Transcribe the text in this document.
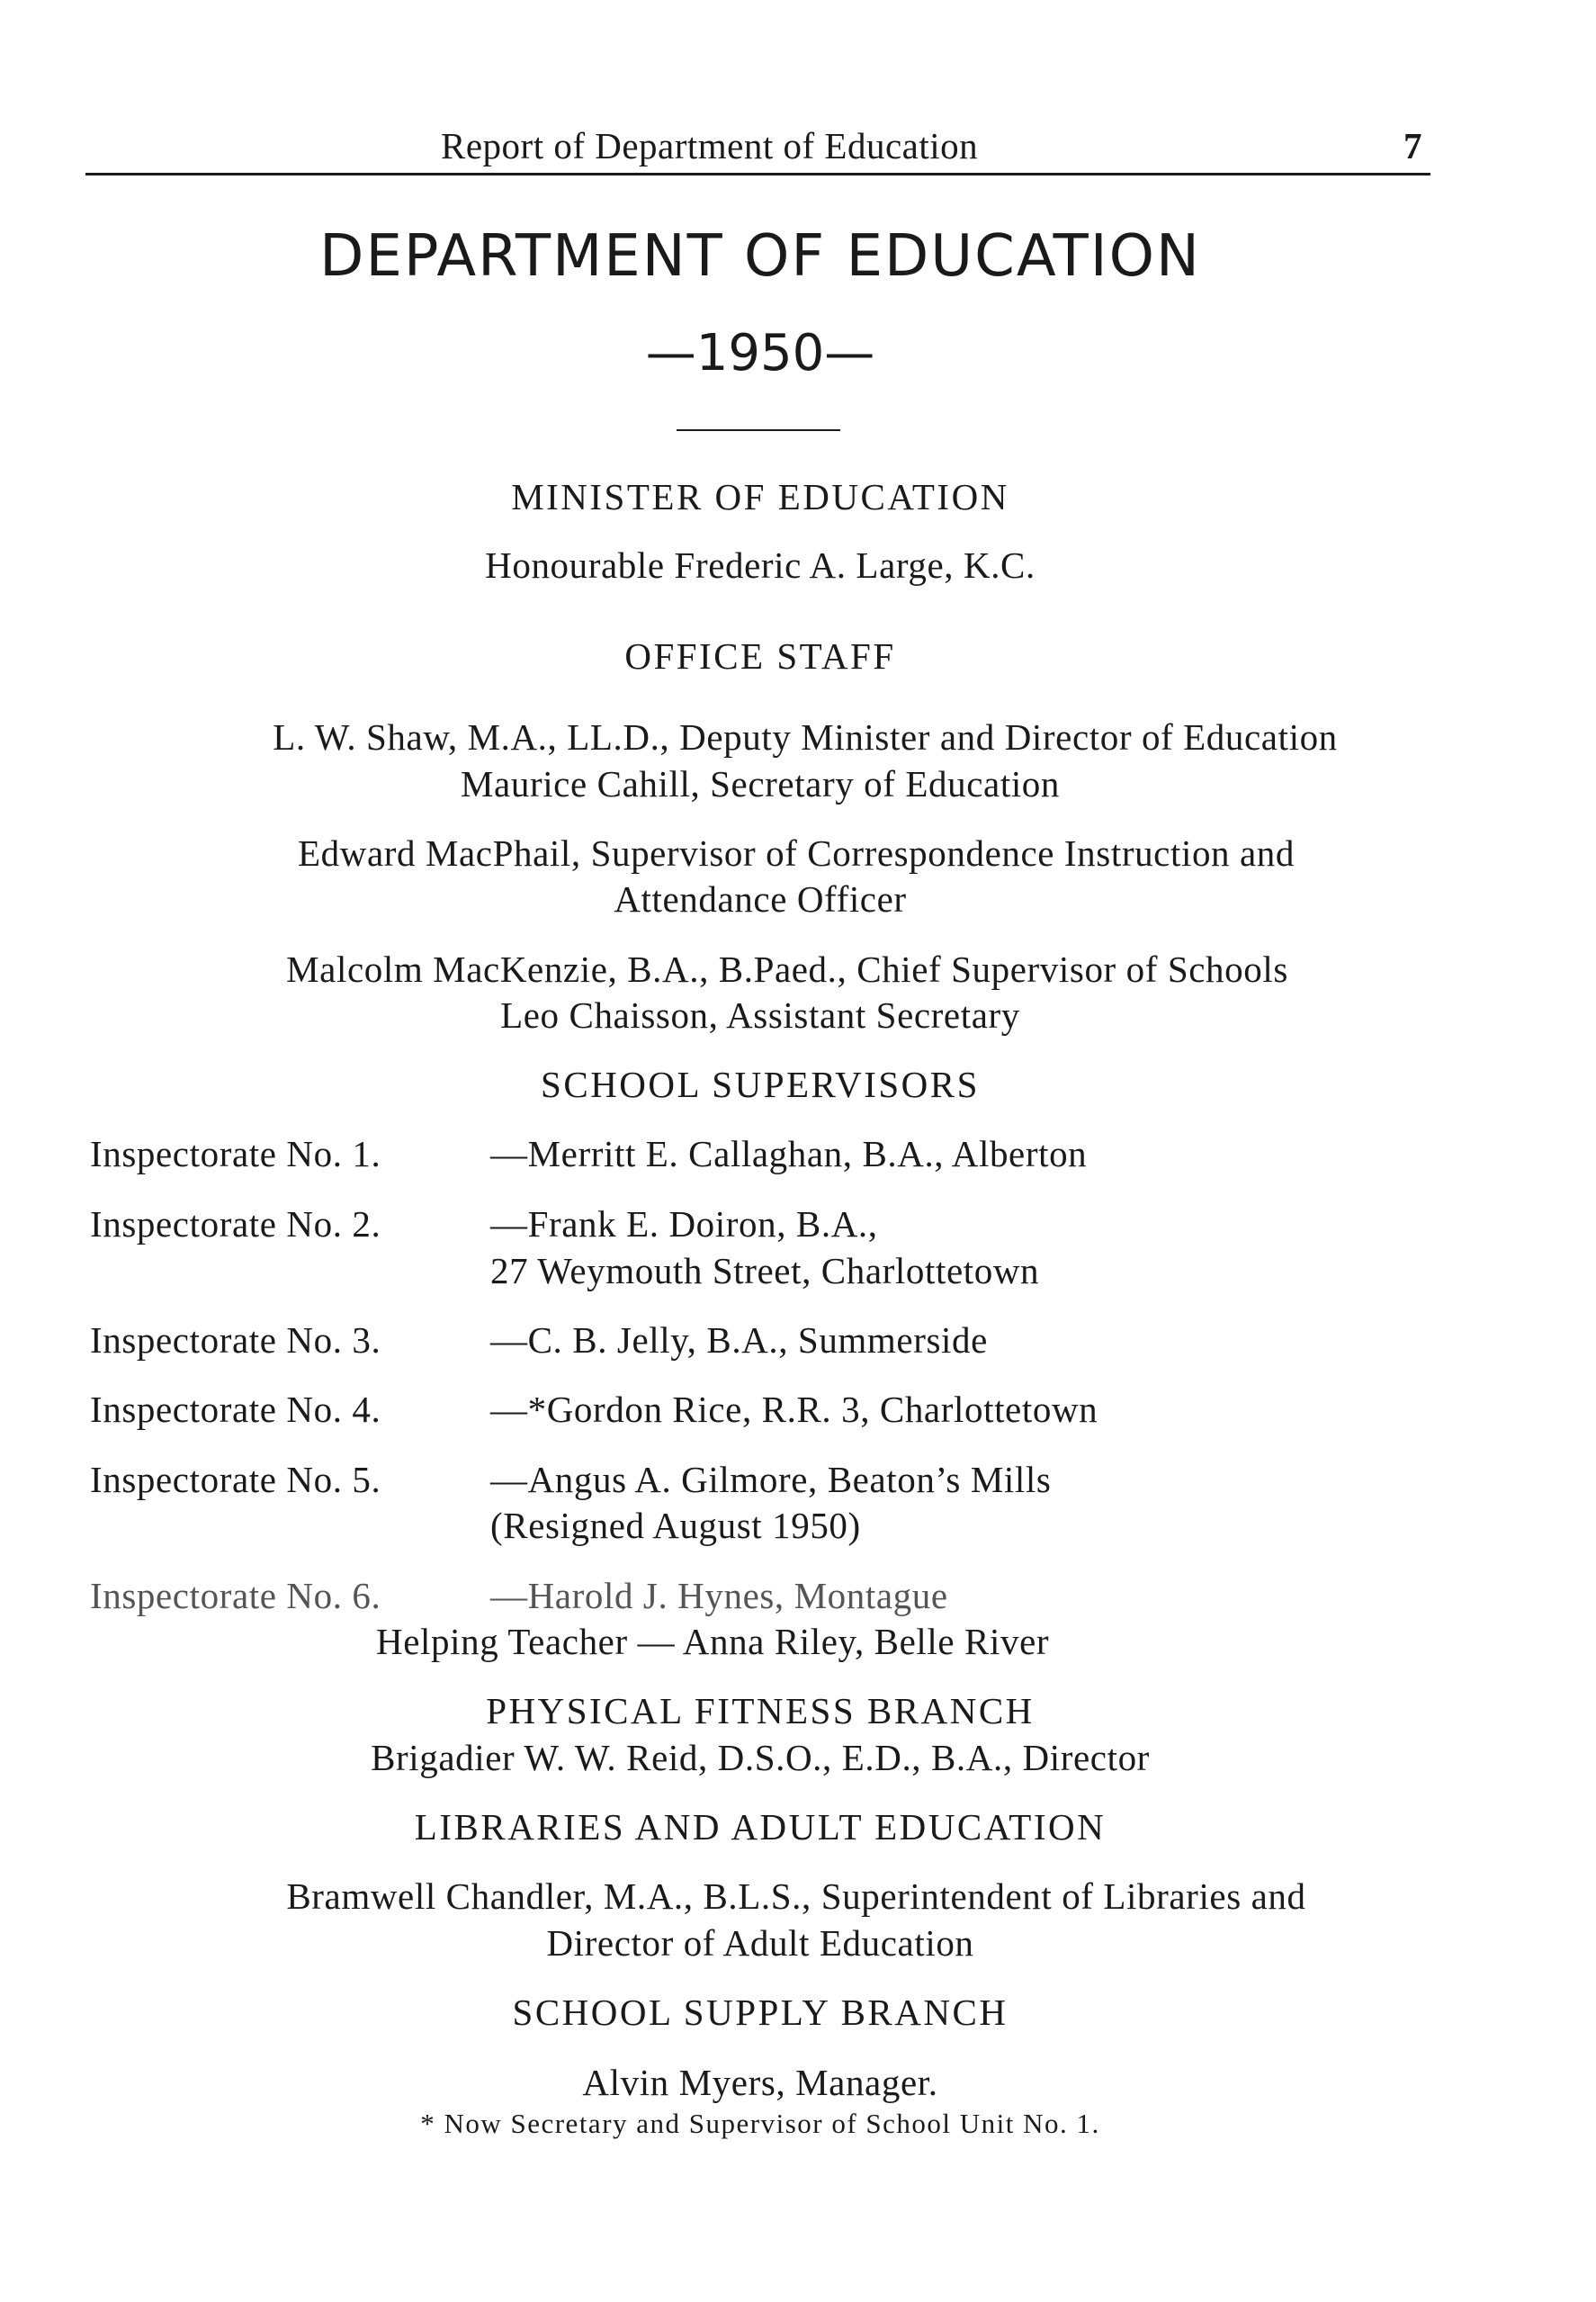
Report of Department of Education	7
DEPARTMENT OF EDUCATION
—1950—
MINISTER OF EDUCATION
Honourable Frederic A. Large, K.C.
OFFICE STAFF
L. W. Shaw, M.A., LL.D., Deputy Minister and Director of Education
Maurice Cahill, Secretary of Education
Edward MacPhail, Supervisor of Correspondence Instruction and
Attendance Officer
Malcolm MacKenzie, B.A., B.Paed., Chief Supervisor of Schools
Leo Chaisson, Assistant Secretary
SCHOOL SUPERVISORS
Inspectorate No. 1.	—Merritt E. Callaghan, B.A., Alberton
Inspectorate No. 2.	—Frank E. Doiron, B.A.,
27 Weymouth Street, Charlottetown
Inspectorate No. 3.	—C. B. Jelly, B.A., Summerside
Inspectorate No. 4.	—*Gordon Rice, R.R. 3, Charlottetown
Inspectorate No. 5.	—Angus A. Gilmore, Beaton’s Mills
(Resigned August 1950)
Inspectorate No. 6.	—Harold J. Hynes, Montague
Helping Teacher — Anna Riley, Belle River
PHYSICAL FITNESS BRANCH
Brigadier W. W. Reid, D.S.O., E.D., B.A., Director
LIBRARIES AND ADULT EDUCATION
Bramwell Chandler, M.A., B.L.S., Superintendent of Libraries and
Director of Adult Education
SCHOOL SUPPLY BRANCH
Alvin Myers, Manager.
* Now Secretary and Supervisor of School Unit No. 1.
